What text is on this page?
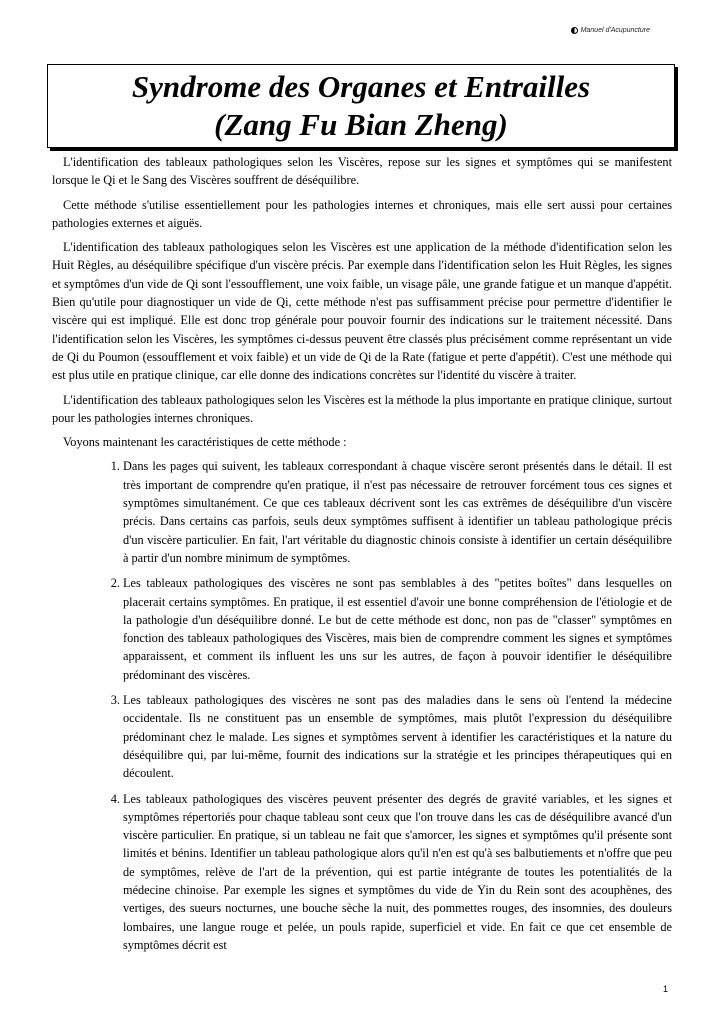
Manuel d'Acupuncture
Syndrome des Organes et Entrailles
(Zang Fu Bian Zheng)

L'identification des tableaux pathologiques selon les Viscères, repose sur les signes et symptômes qui se manifestent lorsque le Qi et le Sang des Viscères souffrent de déséquilibre.

Cette méthode s'utilise essentiellement pour les pathologies internes et chroniques, mais elle sert aussi pour certaines pathologies externes et aiguës.

L'identification des tableaux pathologiques selon les Viscères est une application de la méthode d'identification selon les Huit Règles, au déséquilibre spécifique d'un viscère précis. Par exemple dans l'identification selon les Huit Règles, les signes et symptômes d'un vide de Qi sont l'essoufflement, une voix faible, un visage pâle, une grande fatigue et un manque d'appétit. Bien qu'utile pour diagnostiquer un vide de Qi, cette méthode n'est pas suffisamment précise pour permettre d'identifier le viscère qui est impliqué. Elle est donc trop générale pour pouvoir fournir des indications sur le traitement nécessité. Dans l'identification selon les Viscères, les symptômes ci-dessus peuvent être classés plus précisément comme représentant un vide de Qi du Poumon (essoufflement et voix faible) et un vide de Qi de la Rate (fatigue et perte d'appétit). C'est une méthode qui est plus utile en pratique clinique, car elle donne des indications concrètes sur l'identité du viscère à traiter.

L'identification des tableaux pathologiques selon les Viscères est la méthode la plus importante en pratique clinique, surtout pour les pathologies internes chroniques.

Voyons maintenant les caractéristiques de cette méthode :

1. Dans les pages qui suivent, les tableaux correspondant à chaque viscère seront présentés dans le détail. Il est très important de comprendre qu'en pratique, il n'est pas nécessaire de retrouver forcément tous ces signes et symptômes simultanément. Ce que ces tableaux décrivent sont les cas extrêmes de déséquilibre d'un viscère précis. Dans certains cas parfois, seuls deux symptômes suffisent à identifier un tableau pathologique précis d'un viscère particulier. En fait, l'art véritable du diagnostic chinois consiste à identifier un certain déséquilibre à partir d'un nombre minimum de symptômes.
2. Les tableaux pathologiques des viscères ne sont pas semblables à des "petites boîtes" dans lesquelles on placerait certains symptômes. En pratique, il est essentiel d'avoir une bonne compréhension de l'étiologie et de la pathologie d'un déséquilibre donné. Le but de cette méthode est donc, non pas de "classer" symptômes en fonction des tableaux pathologiques des Viscères, mais bien de comprendre comment les signes et symptômes apparaissent, et comment ils influent les uns sur les autres, de façon à pouvoir identifier le déséquilibre prédominant des viscères.
3. Les tableaux pathologiques des viscères ne sont pas des maladies dans le sens où l'entend la médecine occidentale. Ils ne constituent pas un ensemble de symptômes, mais plutôt l'expression du déséquilibre prédominant chez le malade. Les signes et symptômes servent à identifier les caractéristiques et la nature du déséquilibre qui, par lui-même, fournit des indications sur la stratégie et les principes thérapeutiques qui en découlent.
4. Les tableaux pathologiques des viscères peuvent présenter des degrés de gravité variables, et les signes et symptômes répertoriés pour chaque tableau sont ceux que l'on trouve dans les cas de déséquilibre avancé d'un viscère particulier. En pratique, si un tableau ne fait que s'amorcer, les signes et symptômes qu'il présente sont limités et bénins. Identifier un tableau pathologique alors qu'il n'en est qu'à ses balbutiements et n'offre que peu de symptômes, relève de l'art de la prévention, qui est partie intégrante de toutes les potentialités de la médecine chinoise. Par exemple les signes et symptômes du vide de Yin du Rein sont des acouphènes, des vertiges, des sueurs nocturnes, une bouche sèche la nuit, des pommettes rouges, des insomnies, des douleurs lombaires, une langue rouge et pelée, un pouls rapide, superficiel et vide. En fait ce que cet ensemble de symptômes décrit est
1
